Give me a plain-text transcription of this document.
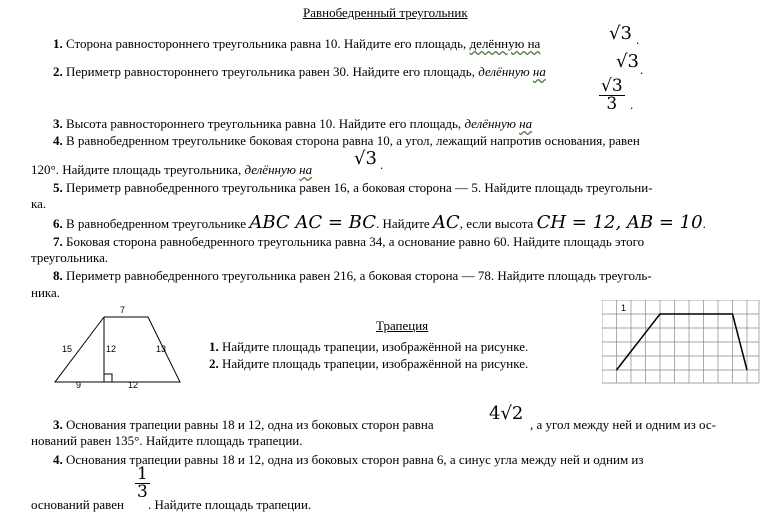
Равнобедренный треугольник
1. Сторона равностороннего треугольника равна 10. Найдите его площадь, делённую на	√3 .
2. Периметр равностороннего треугольника равен 30. Найдите его площадь, делённую на	√3 .
$\frac{√3}{3}$ .
3. Высота равностороннего треугольника равна 10. Найдите его площадь, делённую на
4. В равнобедренном треугольнике боковая сторона равна 10, а угол, лежащий напротив основания, равен
120°. Найдите площадь треугольника, делённую на
√3 .
5. Периметр равнобедренного треугольника равен 16, а боковая сторона — 5. Найдите площадь треугольни-
ка.
6. В равнобедренном треугольнике ABC AC = BC. Найдите AC, если высота CH = 12, AB = 10.
7. Боковая сторона равнобедренного треугольника равна 34, а основание равно 60. Найдите площадь этого
треугольника.
8. Периметр равнобедренного треугольника равен 216, а боковая сторона — 78. Найдите площадь треуголь-
ника.
7
15	12	13
9	12
Трапеция
1. Найдите площадь трапеции, изображённой на рисунке.
2. Найдите площадь трапеции, изображённой на рисунке.
1
3. Основания трапеции равны 18 и 12, одна из боковых сторон равна
4√2
, а угол между ней и одним из ос-
нований равен 135°. Найдите площадь трапеции.
4. Основания трапеции равны 18 и 12, одна из боковых сторон равна 6, а синус угла между ней и одним из
оснований равен
$\frac{1}{3}$
. Найдите площадь трапеции.
